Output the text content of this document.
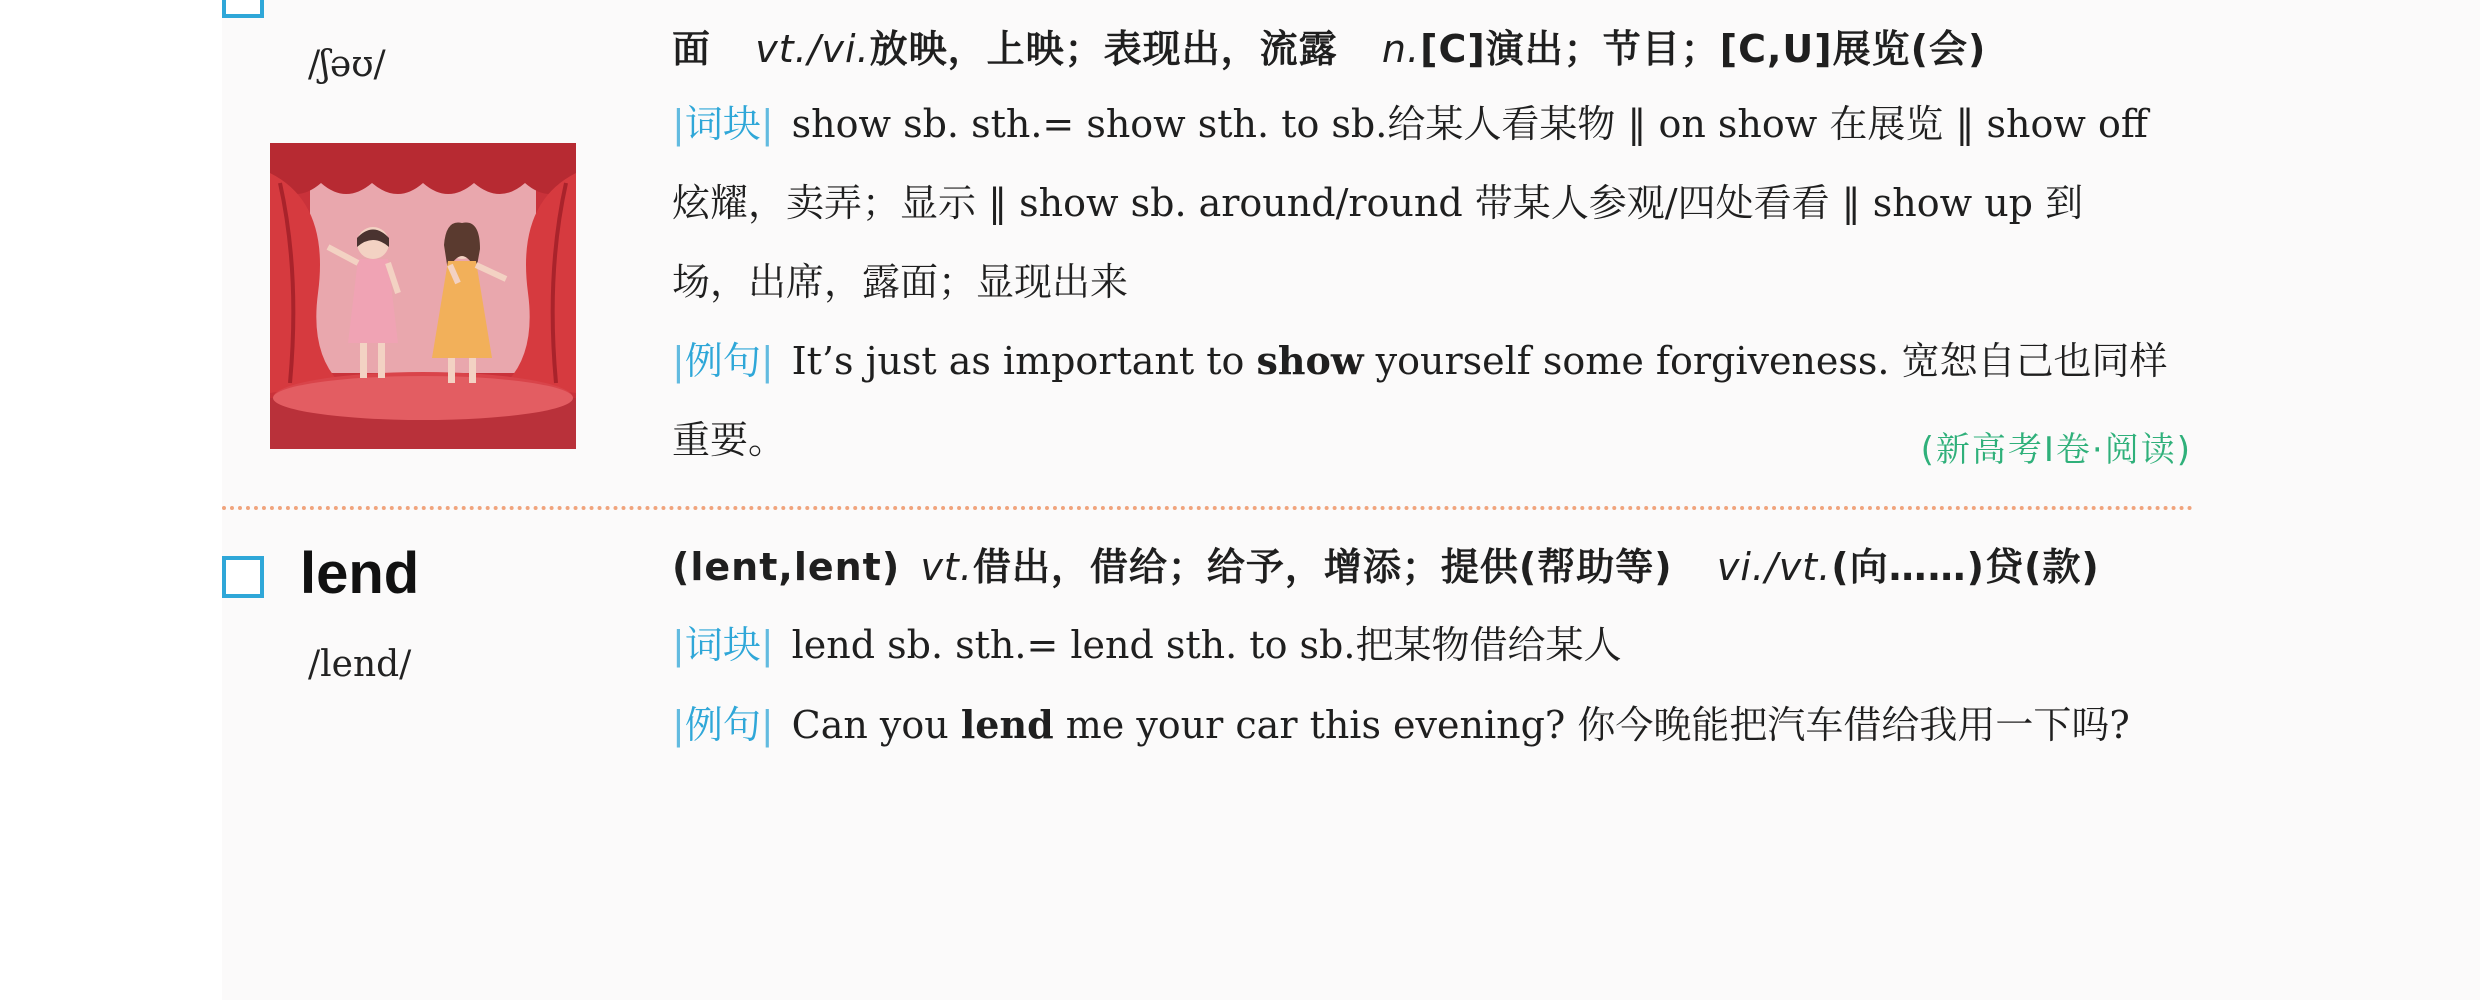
/ʃəʊ/	面 vt./vi.放映，上映；表现出，流露 n.[C]演出；节目；[C,U]展览(会)
|词块| show sb. sth.= show sth. to sb.给某人看某物 ‖ on show 在展览 ‖ show off
炫耀，卖弄；显示 ‖ show sb. around/round 带某人参观/四处看看 ‖ show up 到
场，出席，露面；显现出来
|例句| It’s just as important to show yourself some forgiveness. 宽恕自己也同样
重要。	(新高考Ⅰ卷·阅读)
lend
/lend/
(lent,lent) vt.借出，借给；给予，增添；提供(帮助等) vi./vt.(向……)贷(款)
|词块| lend sb. sth.= lend sth. to sb.把某物借给某人
|例句| Can you lend me your car this evening? 你今晚能把汽车借给我用一下吗?
